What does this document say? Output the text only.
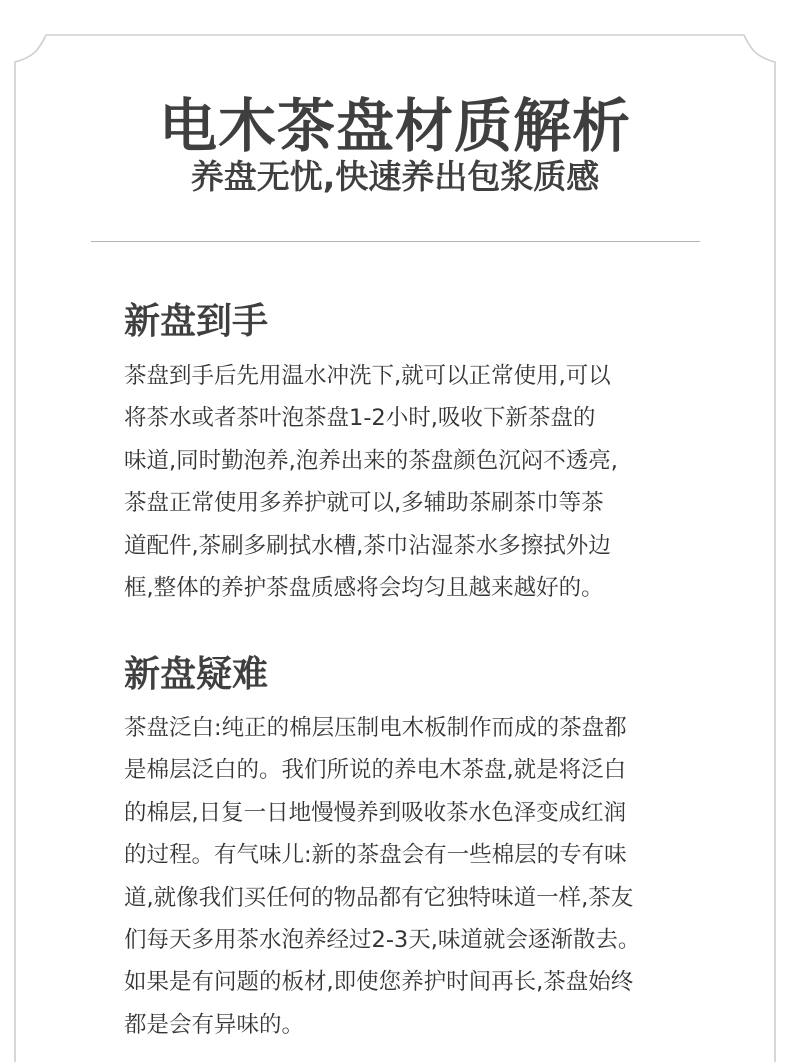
电木茶盘材质解析
养盘无忧,快速养出包浆质感
新盘到手
茶盘到手后先用温水冲洗下,就可以正常使用,可以
将茶水或者茶叶泡茶盘1-2小时,吸收下新茶盘的
味道,同时勤泡养,泡养出来的茶盘颜色沉闷不透亮,
茶盘正常使用多养护就可以,多辅助茶刷茶巾等茶
道配件,茶刷多刷拭水槽,茶巾沾湿茶水多擦拭外边
框,整体的养护茶盘质感将会均匀且越来越好的。
新盘疑难
茶盘泛白:纯正的棉层压制电木板制作而成的茶盘都
是棉层泛白的。我们所说的养电木茶盘,就是将泛白
的棉层,日复一日地慢慢养到吸收茶水色泽变成红润
的过程。有气味儿:新的茶盘会有一些棉层的专有味
道,就像我们买任何的物品都有它独特味道一样,茶友
们每天多用茶水泡养经过2-3天,味道就会逐渐散去。
如果是有问题的板材,即使您养护时间再长,茶盘始终
都是会有异味的。
